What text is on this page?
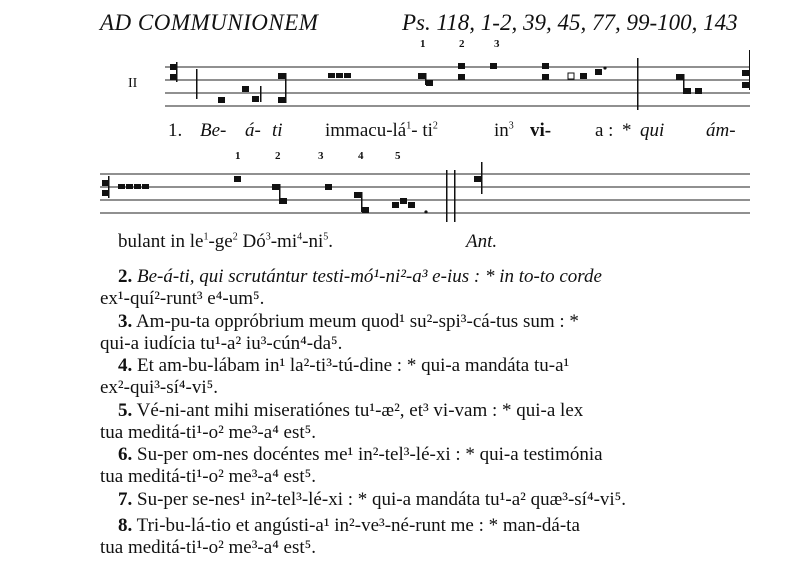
AD COMMUNIONEM	Ps. 118, 1-2, 39, 45, 77, 99-100, 143
1	2	3
II
1. Be- á- ti immacu-$lá^1-$ $ti^2$	$in^3$ vi- a : * qui ám-
1	2	3	4	5
bulant in $le^1-ge^2$ $Dó^3-mi^4-ni^5$.	Ant.
2. Be-á-ti, qui scrutántur testi-mó¹-ni²-a³ e-ius : * in to-to corde
ex¹-quí²-runt³ e⁴-um⁵.
3. Am-pu-ta oppróbrium meum quod¹ su²-spi³-cá-tus sum : *
qui-a iudícia tu¹-a² iu³-cún⁴-da⁵.
4. Et am-bu-lábam in¹ la²-ti³-tú-dine : * qui-a mandáta tu-a¹
ex²-qui³-sí⁴-vi⁵.
5. Vé-ni-ant mihi miseratiónes tu¹-æ², et³ vi-vam : * qui-a lex
tua meditá-ti¹-o² me³-a⁴ est⁵.
6. Su-per om-nes docéntes me¹ in²-tel³-lé-xi : * qui-a testimónia
tua meditá-ti¹-o² me³-a⁴ est⁵.
7. Su-per se-nes¹ in²-tel³-lé-xi : * qui-a mandáta tu¹-a² quæ³-sí⁴-vi⁵.
8. Tri-bu-lá-tio et angústi-a¹ in²-ve³-né-runt me : * man-dá-ta
tua meditá-ti¹-o² me³-a⁴ est⁵.
